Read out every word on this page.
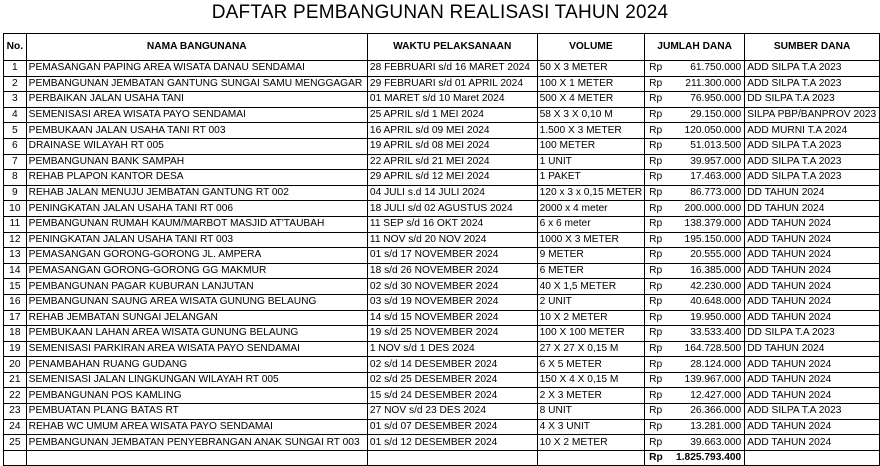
DAFTAR PEMBANGUNAN REALISASI TAHUN 2024
No.	NAMA BANGUNANA	WAKTU PELAKSANAAN	VOLUME	JUMLAH DANA		SUMBER DANA
1	PEMASANGAN PAPING AREA WISATA DANAU SENDAMAI	28 FEBRUARI s/d 16 MARET 2024	50 X 3 METER	Rp	61.750.000	ADD SILPA T.A 2023
2	PEMBANGUNAN JEMBATAN GANTUNG SUNGAI SAMU MENGGAGAR	29 FEBRUARI s/d 01 APRIL 2024	100 X 1 METER	Rp	211.300.000	ADD SILPA T.A 2023
3	PERBAIKAN JALAN USAHA TANI	01 MARET s/d 10 Maret 2024	500 X 4 METER	Rp	76.950.000	DD SILPA T.A 2023
4	SEMENISASI AREA WISATA PAYO SENDAMAI	25 APRIL s/d 1 MEI 2024	58 X 3 X 0,10 M	Rp	29.150.000	SILPA PBP/BANPROV 2023
5	PEMBUKAAN JALAN USAHA TANI RT 003	16 APRIL s/d 09 MEI 2024	1.500 X 3 METER	Rp	120.050.000	ADD MURNI T.A 2024
6	DRAINASE WILAYAH RT 005	19 APRIL s/d 08 MEI 2024	100 METER	Rp	51.013.500	ADD SILPA T.A 2023
7	PEMBANGUNAN BANK SAMPAH	22 APRIL s/d 21 MEI 2024	1 UNIT	Rp	39.957.000	ADD SILPA T.A 2023
8	REHAB PLAPON KANTOR DESA	29 APRIL s/d 12 MEI 2024	1 PAKET	Rp	17.463.000	ADD SILPA T.A 2023
9	REHAB JALAN MENUJU JEMBATAN GANTUNG RT 002	04 JULI s.d 14 JULI 2024	120 x 3 x 0,15 METER	Rp	86.773.000	DD TAHUN 2024
10	PENINGKATAN JALAN USAHA TANI RT 006	18 JULI s/d 02 AGUSTUS 2024	2000 x 4 meter	Rp	200.000.000	DD TAHUN 2024
11	PEMBANGUNAN RUMAH KAUM/MARBOT MASJID AT'TAUBAH	11 SEP s/d 16 OKT 2024	6 x 6 meter	Rp	138.379.000	ADD TAHUN 2024
12	PENINGKATAN JALAN USAHA TANI RT 003	11 NOV s/d 20 NOV 2024	1000 X 3 METER	Rp	195.150.000	ADD TAHUN 2024
13	PEMASANGAN GORONG-GORONG JL. AMPERA	01 s/d 17 NOVEMBER 2024	9 METER	Rp	20.555.000	ADD TAHUN 2024
14	PEMASANGAN GORONG-GORONG GG MAKMUR	18 s/d 26 NOVEMBER 2024	6 METER	Rp	16.385.000	ADD TAHUN 2024
15	PEMBANGUNAN PAGAR KUBURAN LANJUTAN	02 s/d 30 NOVEMBER 2024	40 X 1,5 METER	Rp	42.230.000	ADD TAHUN 2024
16	PEMBANGUNAN SAUNG AREA WISATA GUNUNG BELAUNG	03 s/d 19 NOVEMBER 2024	2 UNIT	Rp	40.648.000	ADD TAHUN 2024
17	REHAB JEMBATAN SUNGAI JELANGAN	14 s/d 15 NOVEMBER 2024	10 X 2 METER	Rp	19.950.000	ADD TAHUN 2024
18	PEMBUKAAN LAHAN AREA WISATA GUNUNG BELAUNG	19 s/d 25 NOVEMBER 2024	100 X 100 METER	Rp	33.533.400	DD SILPA T.A 2023
19	SEMENISASI PARKIRAN AREA WISATA PAYO SENDAMAI	1 NOV s/d 1 DES 2024	27 X 27 X 0,15 M	Rp	164.728.500	DD TAHUN 2024
20	PENAMBAHAN RUANG GUDANG	02 s/d 14 DESEMBER 2024	6 X 5 METER	Rp	28.124.000	ADD TAHUN 2024
21	SEMENISASI JALAN LINGKUNGAN WILAYAH RT 005	02 s/d 25 DESEMBER 2024	150 X 4 X 0,15 M	Rp	139.967.000	ADD TAHUN 2024
22	PEMBANGUNAN POS KAMLING	15 s/d 24 DESEMBER 2024	2 X 3 METER	Rp	12.427.000	ADD TAHUN 2024
23	PEMBUATAN PLANG BATAS RT	27 NOV s/d 23 DES 2024	8 UNIT	Rp	26.366.000	ADD SILPA T.A 2023
24	REHAB WC UMUM AREA WISATA PAYO SENDAMAI	01 s/d 07 DESEMBER 2024	4 X 3 UNIT	Rp	13.281.000	ADD TAHUN 2024
25	PEMBANGUNAN JEMBATAN PENYEBRANGAN ANAK SUNGAI RT 003	01 s/d 12 DESEMBER 2024	10 X 2 METER	Rp	39.663.000	ADD TAHUN 2024
				Rp	1.825.793.400	
